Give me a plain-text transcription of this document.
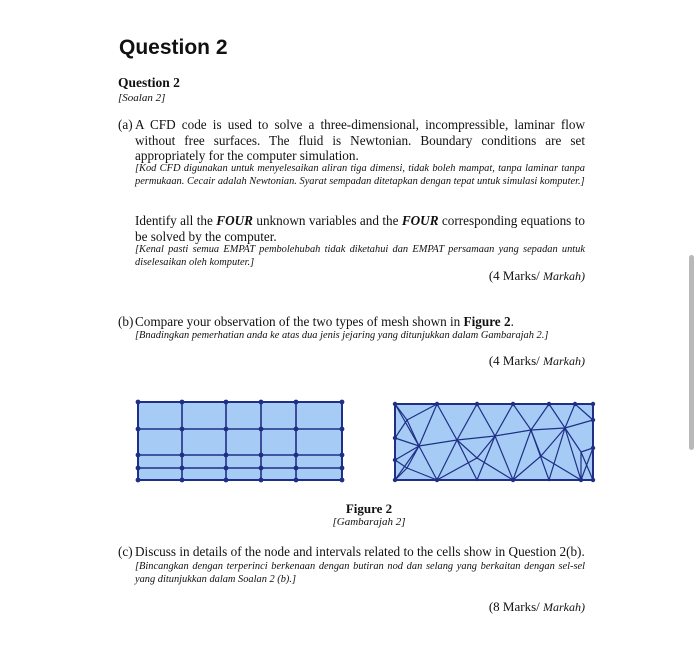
Question 2
Question 2
[Soalan 2]
(a) A CFD code is used to solve a three-dimensional, incompressible, laminar flow without free surfaces. The fluid is Newtonian. Boundary conditions are set appropriately for the computer simulation.
[Kod CFD digunakan untuk menyelesaikan aliran tiga dimensi, tidak boleh mampat, tanpa laminar tanpa permukaan. Cecair adalah Newtonian. Syarat sempadan ditetapkan dengan tepat untuk simulasi komputer.]
Identify all the FOUR unknown variables and the FOUR corresponding equations to be solved by the computer.
[Kenal pasti semua EMPAT pembolehubah tidak diketahui dan EMPAT persamaan yang sepadan untuk diselesaikan oleh komputer.]
(4 Marks/ Markah)
(b) Compare your observation of the two types of mesh shown in Figure 2.
[Bnadingkan pemerhatian anda ke atas dua jenis jejaring yang ditunjukkan dalam Gambarajah 2.]
(4 Marks/ Markah)
Figure 2
[Gambarajah 2]
(c) Discuss in details of the node and intervals related to the cells show in Question 2(b).
[Bincangkan dengan terperinci berkenaan dengan butiran nod dan selang yang berkaitan dengan sel-sel yang ditunjukkan dalam Soalan 2 (b).]
(8 Marks/ Markah)
